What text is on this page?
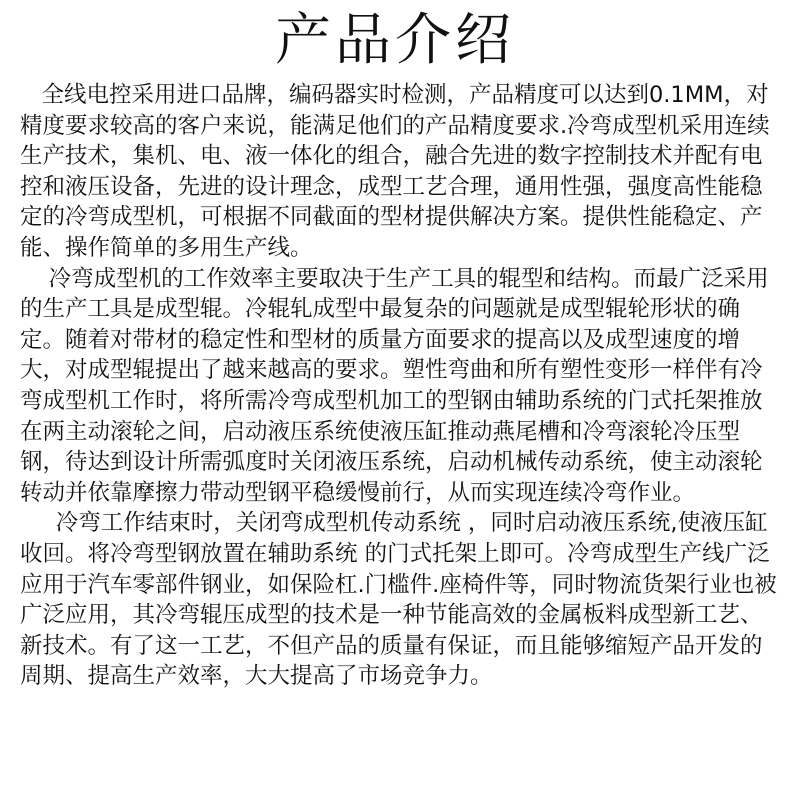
产品介绍

全线电控采用进口品牌，编码器实时检测，产品精度可以达到0.1MM，对精度要求较高的客户来说，能满足他们的产品精度要求.冷弯成型机采用连续生产技术，集机、电、液一体化的组合，融合先进的数字控制技术并配有电控和液压设备，先进的设计理念，成型工艺合理，通用性强，强度高性能稳定的冷弯成型机，可根据不同截面的型材提供解决方案。提供性能稳定、产能、操作简单的多用生产线。

冷弯成型机的工作效率主要取决于生产工具的辊型和结构。而最广泛采用的生产工具是成型辊。冷辊轧成型中最复杂的问题就是成型辊轮形状的确定。随着对带材的稳定性和型材的质量方面要求的提高以及成型速度的增大，对成型辊提出了越来越高的要求。塑性弯曲和所有塑性变形一样伴有冷弯成型机工作时，将所需冷弯成型机加工的型钢由辅助系统的门式托架推放在两主动滚轮之间，启动液压系统使液压缸推动燕尾槽和冷弯滚轮冷压型钢，待达到设计所需弧度时关闭液压系统，启动机械传动系统，使主动滚轮转动并依靠摩擦力带动型钢平稳缓慢前行，从而实现连续冷弯作业。

冷弯工作结束时，关闭弯成型机传动系统 ，同时启动液压系统,使液压缸收回。将冷弯型钢放置在辅助系统 的门式托架上即可。冷弯成型生产线广泛应用于汽车零部件钢业，如保险杠.门槛件.座椅件等，同时物流货架行业也被广泛应用，其冷弯辊压成型的技术是一种节能高效的金属板料成型新工艺、新技术。有了这一工艺，不但产品的质量有保证，而且能够缩短产品开发的周期、提高生产效率，大大提高了市场竞争力。
